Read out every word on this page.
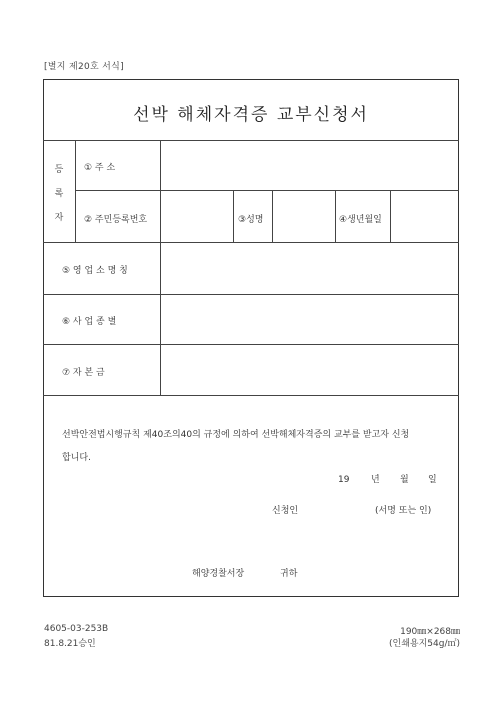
[별지 제20호 서식]
선박 해체자격증 교부신청서
등
록
자
① 주 소
② 주민등록번호	③성명	④생년월일
⑤ 영 업 소 명 칭
⑥ 사 업 종 별
⑦ 자 본 금
선박안전법시행규칙 제40조의40의 규정에 의하여 선박해체자격증의 교부를 받고자 신청
합니다.
19 년 월 일
신청인	(서명 또는 인)
해양경찰서장	귀하
4605-03-253B
81.8.21승인
190㎜×268㎜
(인쇄용지54g/㎡)
